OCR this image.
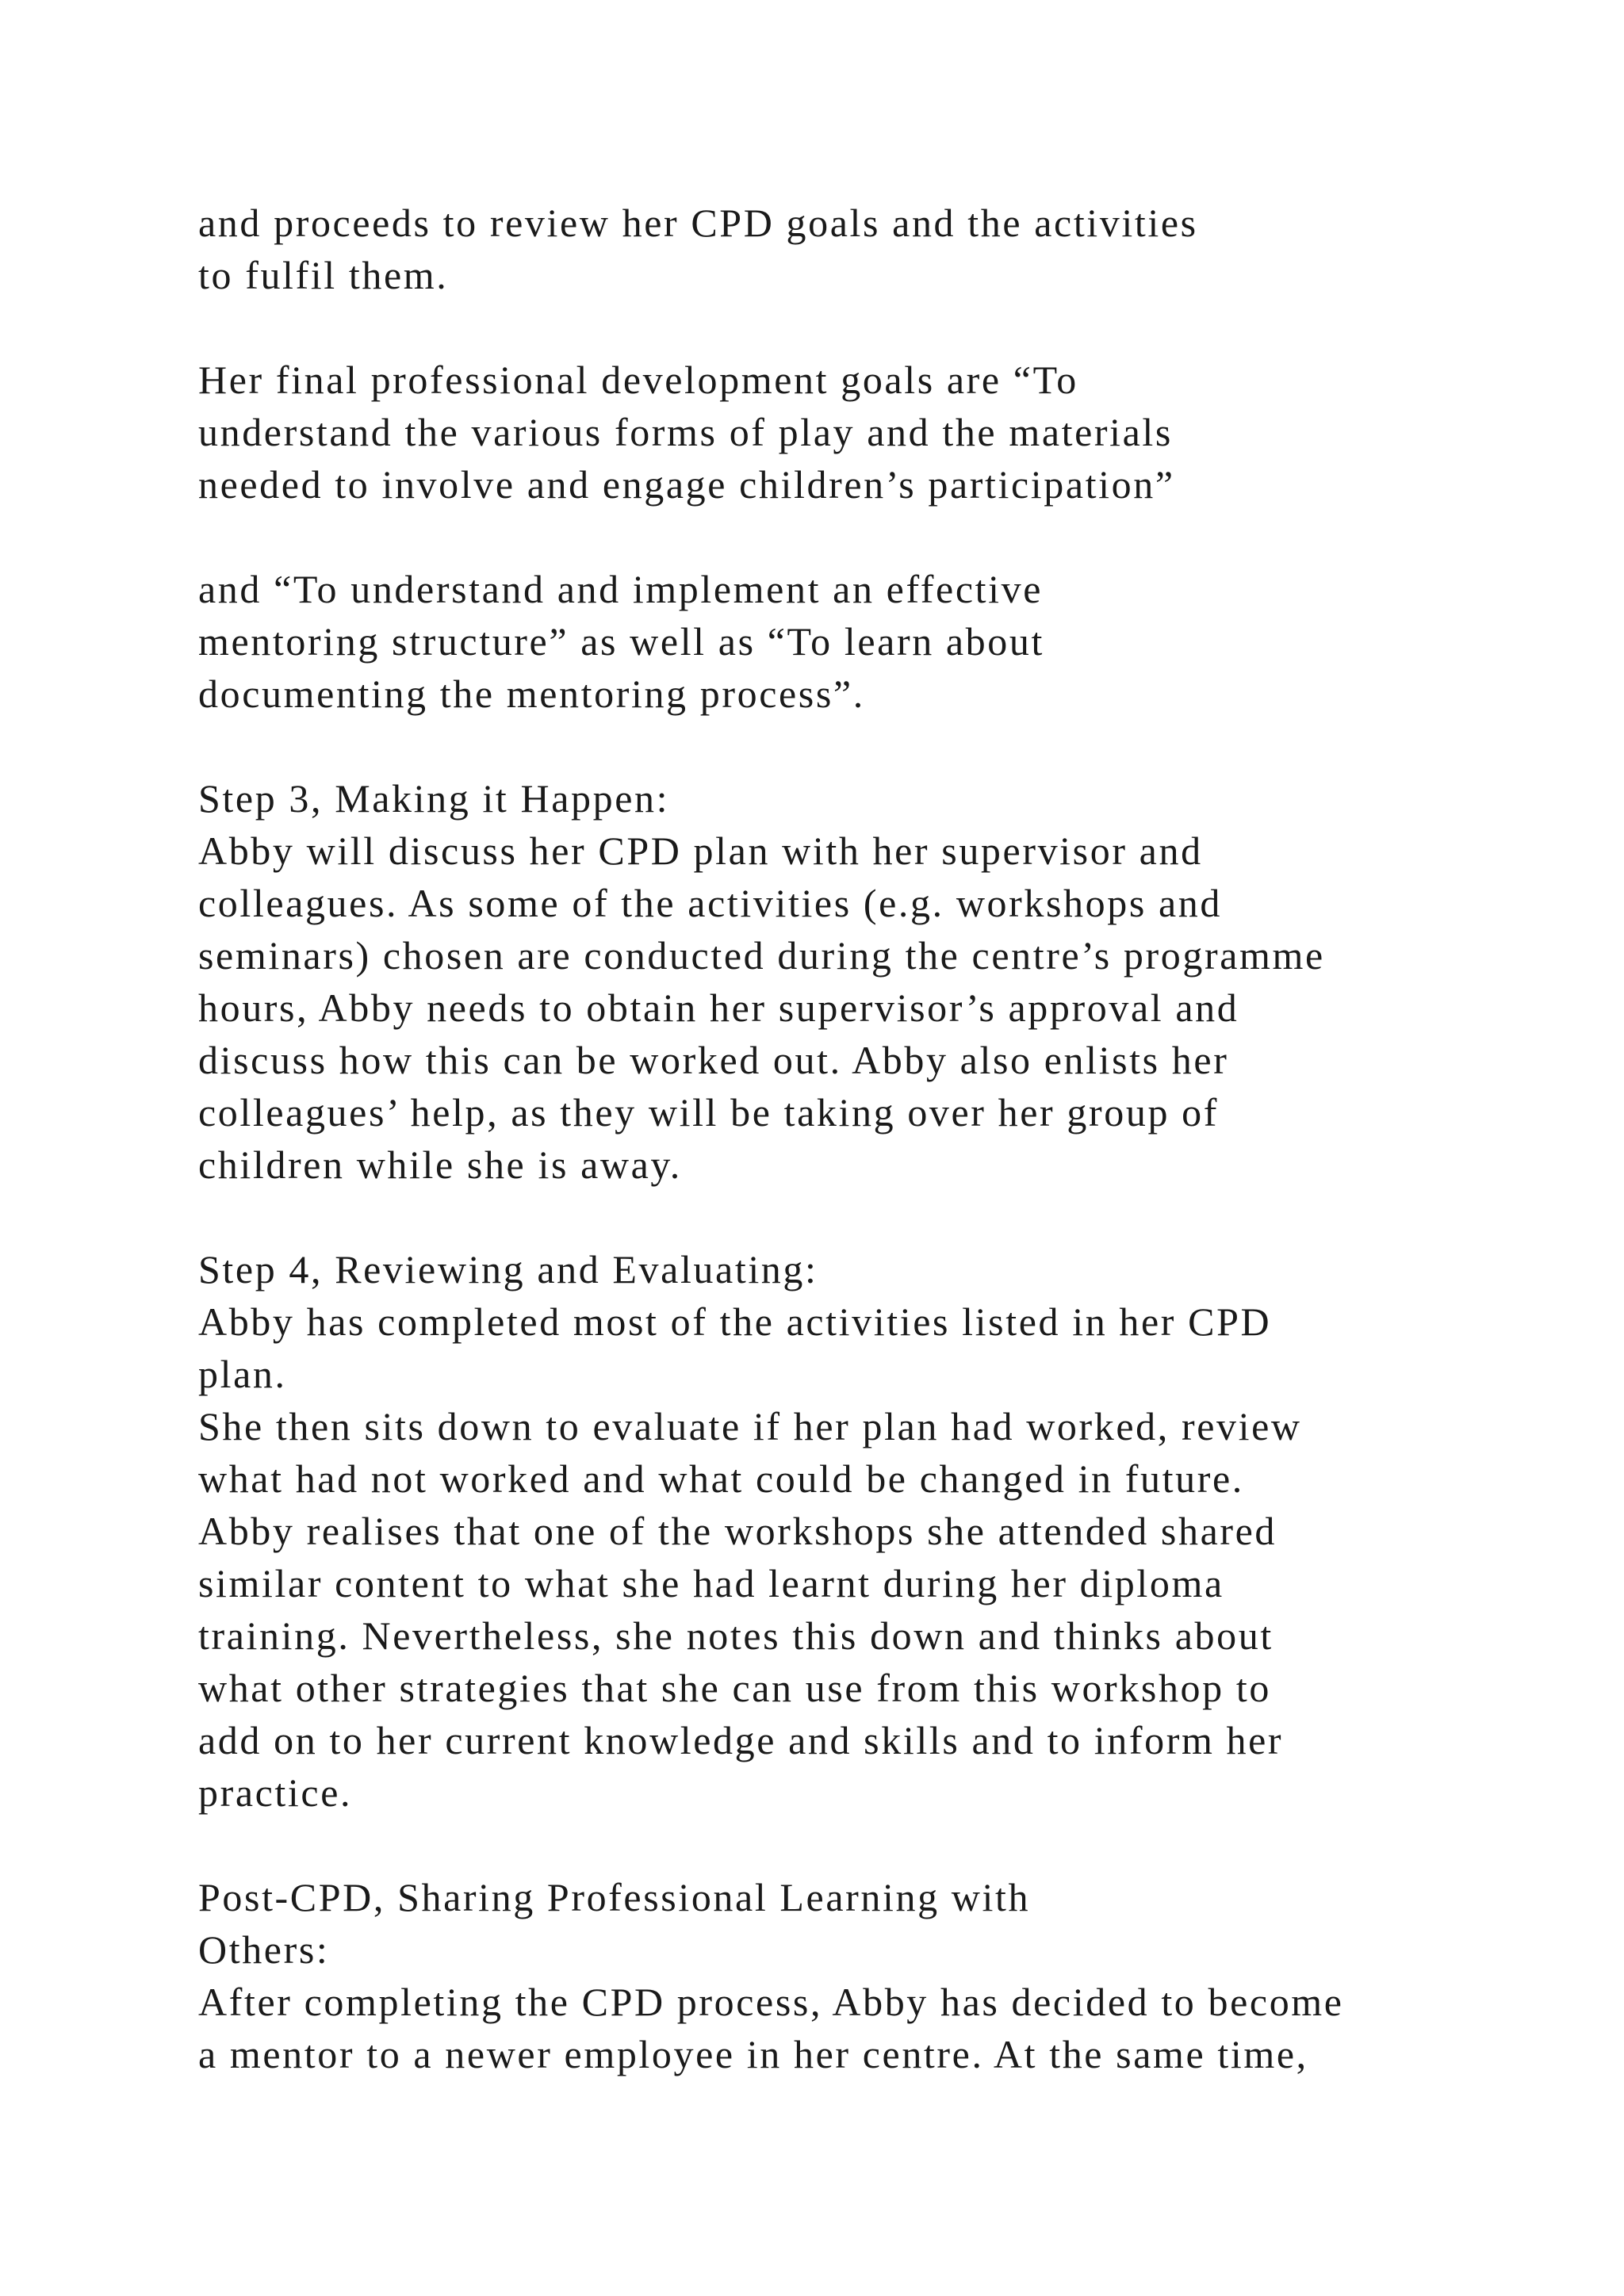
and proceeds to review her CPD goals and the activities
to fulfil them.
Her final professional development goals are “To
understand the various forms of play and the materials
needed to involve and engage children’s participation”
and “To understand and implement an effective
mentoring structure” as well as “To learn about
documenting the mentoring process”.
Step 3, Making it Happen:
Abby will discuss her CPD plan with her supervisor and
colleagues. As some of the activities (e.g. workshops and
seminars) chosen are conducted during the centre’s programme
hours, Abby needs to obtain her supervisor’s approval and
discuss how this can be worked out. Abby also enlists her
colleagues’ help, as they will be taking over her group of
children while she is away.
Step 4, Reviewing and Evaluating:
Abby has completed most of the activities listed in her CPD
plan.
She then sits down to evaluate if her plan had worked, review
what had not worked and what could be changed in future.
Abby realises that one of the workshops she attended shared
similar content to what she had learnt during her diploma
training. Nevertheless, she notes this down and thinks about
what other strategies that she can use from this workshop to
add on to her current knowledge and skills and to inform her
practice.
Post-CPD, Sharing Professional Learning with
Others:
After completing the CPD process, Abby has decided to become
a mentor to a newer employee in her centre. At the same time,
